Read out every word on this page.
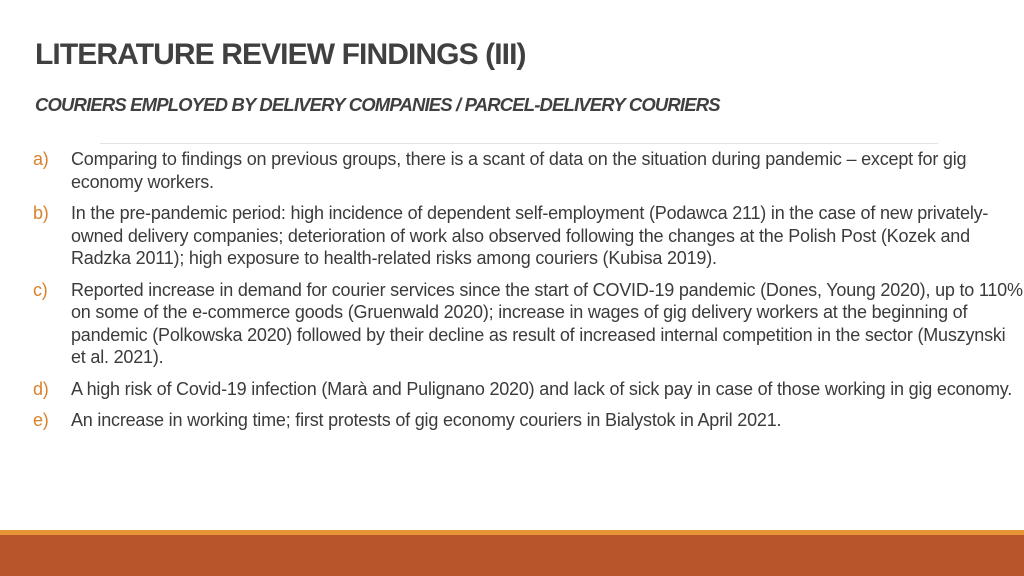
LITERATURE REVIEW FINDINGS (III)
COURIERS EMPLOYED BY DELIVERY COMPANIES / PARCEL-DELIVERY COURIERS
a)	Comparing to findings on previous groups, there is a scant of data on the situation during pandemic – except for gig economy workers.
b)	In the pre-pandemic period: high incidence of dependent self-employment (Podawca 211) in the case of new privately-owned delivery companies; deterioration of work also observed following the changes at the Polish Post (Kozek and Radzka 2011); high exposure to health-related risks among couriers (Kubisa 2019).
c)	Reported increase in demand for courier services since the start of COVID-19 pandemic (Dones, Young 2020), up to 110% on some of the e-commerce goods (Gruenwald 2020); increase in wages of gig delivery workers at the beginning of pandemic (Polkowska 2020) followed by their decline as result of increased internal competition in the sector (Muszynski et al. 2021).
d)	A high risk of Covid-19 infection (Marà and Pulignano 2020) and lack of sick pay in case of those working in gig economy.
e)	An increase in working time; first protests of gig economy couriers in Bialystok in April 2021.
